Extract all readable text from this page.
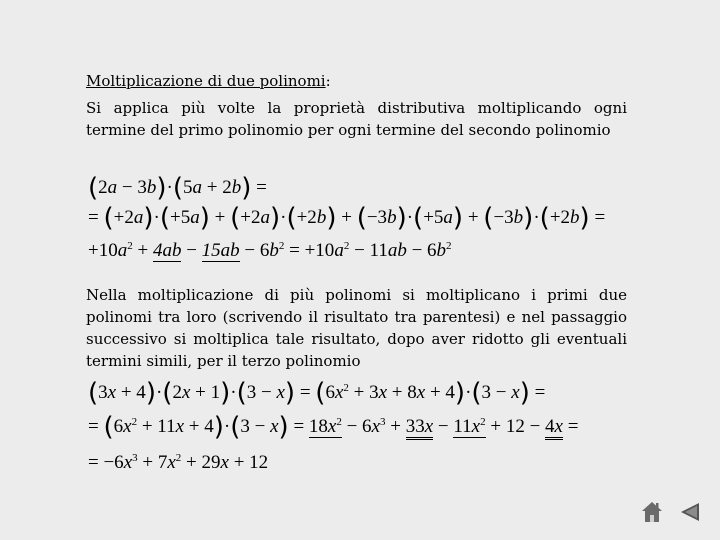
Moltiplicazione di due polinomi:
Si applica più volte la proprietà distributiva moltiplicando ogni termine del primo polinomio per ogni termine del secondo polinomio
(2a − 3b)·(5a + 2b) =
= (+2a)·(+5a) + (+2a)·(+2b) + (−3b)·(+5a) + (−3b)·(+2b) =
$+10a^2 + 4ab - 15ab - 6b^2 = +10a^2 - 11ab - 6b^2$
Nella moltiplicazione di più polinomi si moltiplicano i primi due polinomi tra loro (scrivendo il risultato tra parentesi) e nel passaggio successivo si moltiplica tale risultato, dopo aver ridotto gli eventuali termini simili, per il terzo polinomio
$(3x + 4)\cdot(2x + 1)\cdot(3 - x) = (6x^2 + 3x + 8x + 4)\cdot(3 - x)$ =
= $(6x^2 + 11x + 4)\cdot(3 - x) = 18x^2 - 6x^3 + 33x - 11x^2 + 12 - 4x$ =
= $-6x^3 + 7x^2 + 29x + 12$
